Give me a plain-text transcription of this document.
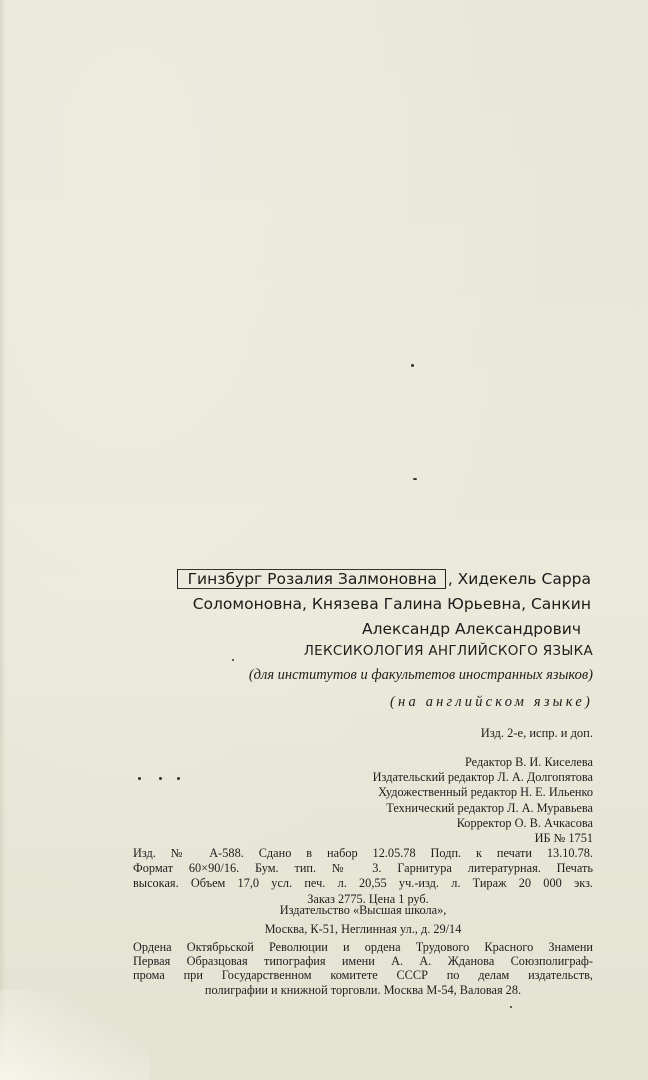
Гинзбург Розалия Залмоновна , Хидекель Сарра
Соломоновна, Князева Галина Юрьевна, Санкин
Александр Александрович
ЛЕКСИКОЛОГИЯ АНГЛИЙСКОГО ЯЗЫКА
(для институтов и факультетов иностранных языков)
(на английском языке)
Изд. 2-е, испр. и доп.
Редактор В. И. Киселева
Издательский редактор Л. А. Долгопятова
Художественный редактор Н. Е. Ильенко
Технический редактор Л. А. Муравьева
Корректор О. В. Ачкасова
ИБ № 1751
Изд. № А-588. Сдано в набор 12.05.78 Подп. к печати 13.10.78.
Формат 60×90/16. Бум. тип. № 3. Гарнитура литературная. Печать
высокая. Объем 17,0 усл. печ. л. 20,55 уч.-изд. л. Тираж 20 000 экз.
Заказ 2775. Цена 1 руб.
Издательство «Высшая школа»,
Москва, К-51, Неглинная ул., д. 29/14
Ордена Октябрьской Революции и ордена Трудового Красного Знамени
Первая Образцовая типография имени А. А. Жданова Союзполиграф-
прома при Государственном комитете СССР по делам издательств,
полиграфии и книжной торговли. Москва М-54, Валовая 28.
